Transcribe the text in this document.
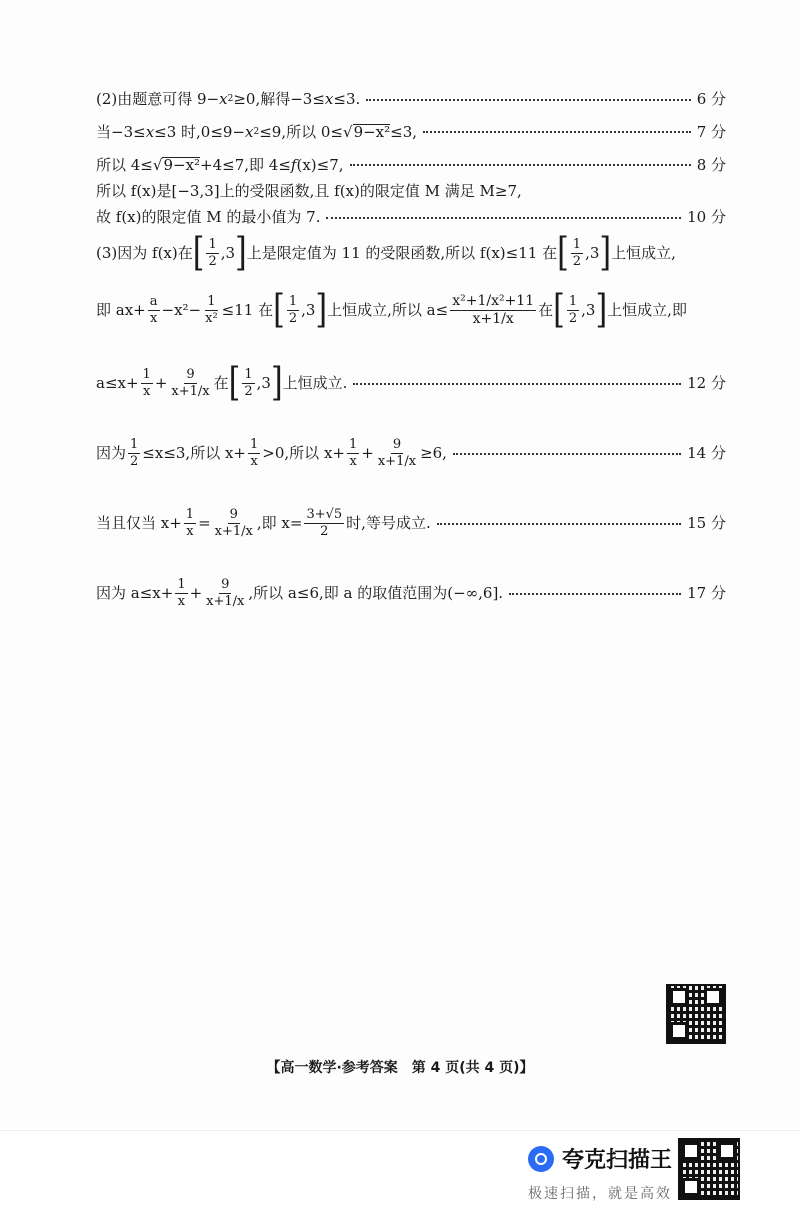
(2)由题意可得 9− x 2 ≥0,解得−3≤ x ≤3.	6 分
当−3≤ x ≤3 时,0≤9− x 2 ≤9,所以 0≤ √ 9−x² ≤3,	7 分
所以 4≤ √ 9−x² +4≤7,即 4≤ f (x)≤7,	8 分
所以 f(x)是[−3,3]上的受限函数,且 f(x)的限定值 M 满足 M≥7,
故 f(x)的限定值 M 的最小值为 7.	10 分
(3)因为 f(x)在 [ $\frac{1}{2} ,3$ ] 上是限定值为 11 的受限函数,所以 f(x)≤11 在 [ $\frac{1}{2} ,3$ ] 上恒成立,
即 $ax+ \frac{a}{x} -x^2- \frac{1}{\text{x²}} \le 11$ 在 [ $\frac{1}{2} ,3$ ] 上恒成立,所以 $a\le \frac{\text{x²+1/x²+11}}{x+1/x}$ 在 [ $\frac{1}{2} ,3$ ] 上恒成立,即
$a\le x+ \frac{1}{x} + \frac{9}{x+1/x}$ 在 [ $\frac{1}{2} ,3$ ] 上恒成立.	12 分
因为 $\frac{1}{2} \le x\le 3$,所以 $x+ \frac{1}{x} >0$,所以 $x+ \frac{1}{x} + \frac{9}{x+1/x} \ge 6$,	14 分
当且仅当 $x+ \frac{1}{x} = \frac{9}{x+1/x}$ ,即 $x= \frac{3+√5}{2}$ 时,等号成立.	15 分
因为 $a\le x+ \frac{1}{x} + \frac{9}{x+1/x}$ ,所以 a≤6,即 a 的取值范围为(−∞,6].	17 分
【高一数学·参考答案　第 4 页(共 4 页)】
夸克扫描王
极速扫描，就是高效
